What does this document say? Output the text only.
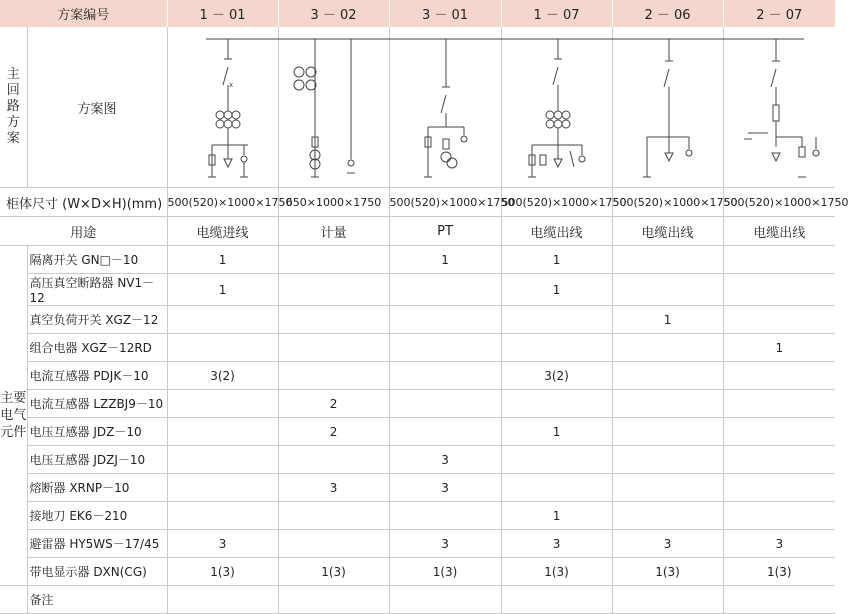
方案编号		1 － 01	3 － 02	3 － 01	1 － 07	2 － 06	2 － 07

主回路方案	方案图	x

柜体尺寸 (W×D×H)(mm)		500(520)×1000×1750	650×1000×1750	500(520)×1000×1750	500(520)×1000×1750	500(520)×1000×1750	500(520)×1000×1750
用途		电缆进线	计量	PT	电缆出线	电缆出线	电缆出线

主要电气元件	隔离开关 GN□－10	1		1	1		
	高压真空断路器 NV1－12	1			1		
	真空负荷开关 XGZ－12					1	
	组合电器 XGZ－12RD						1
	电流互感器 PDJK－10	3(2)			3(2)		
	电流互感器 LZZBJ9－10		2				
	电压互感器 JDZ－10		2		1		
	电压互感器 JDZJ－10			3			
	熔断器 XRNP－10		3	3			
	接地刀 EK6－210				1		
	避雷器 HY5WS－17/45	3		3	3	3	3
	带电显示器 DXN(CG)	1(3)	1(3)	1(3)	1(3)	1(3)	1(3)
	备注						
